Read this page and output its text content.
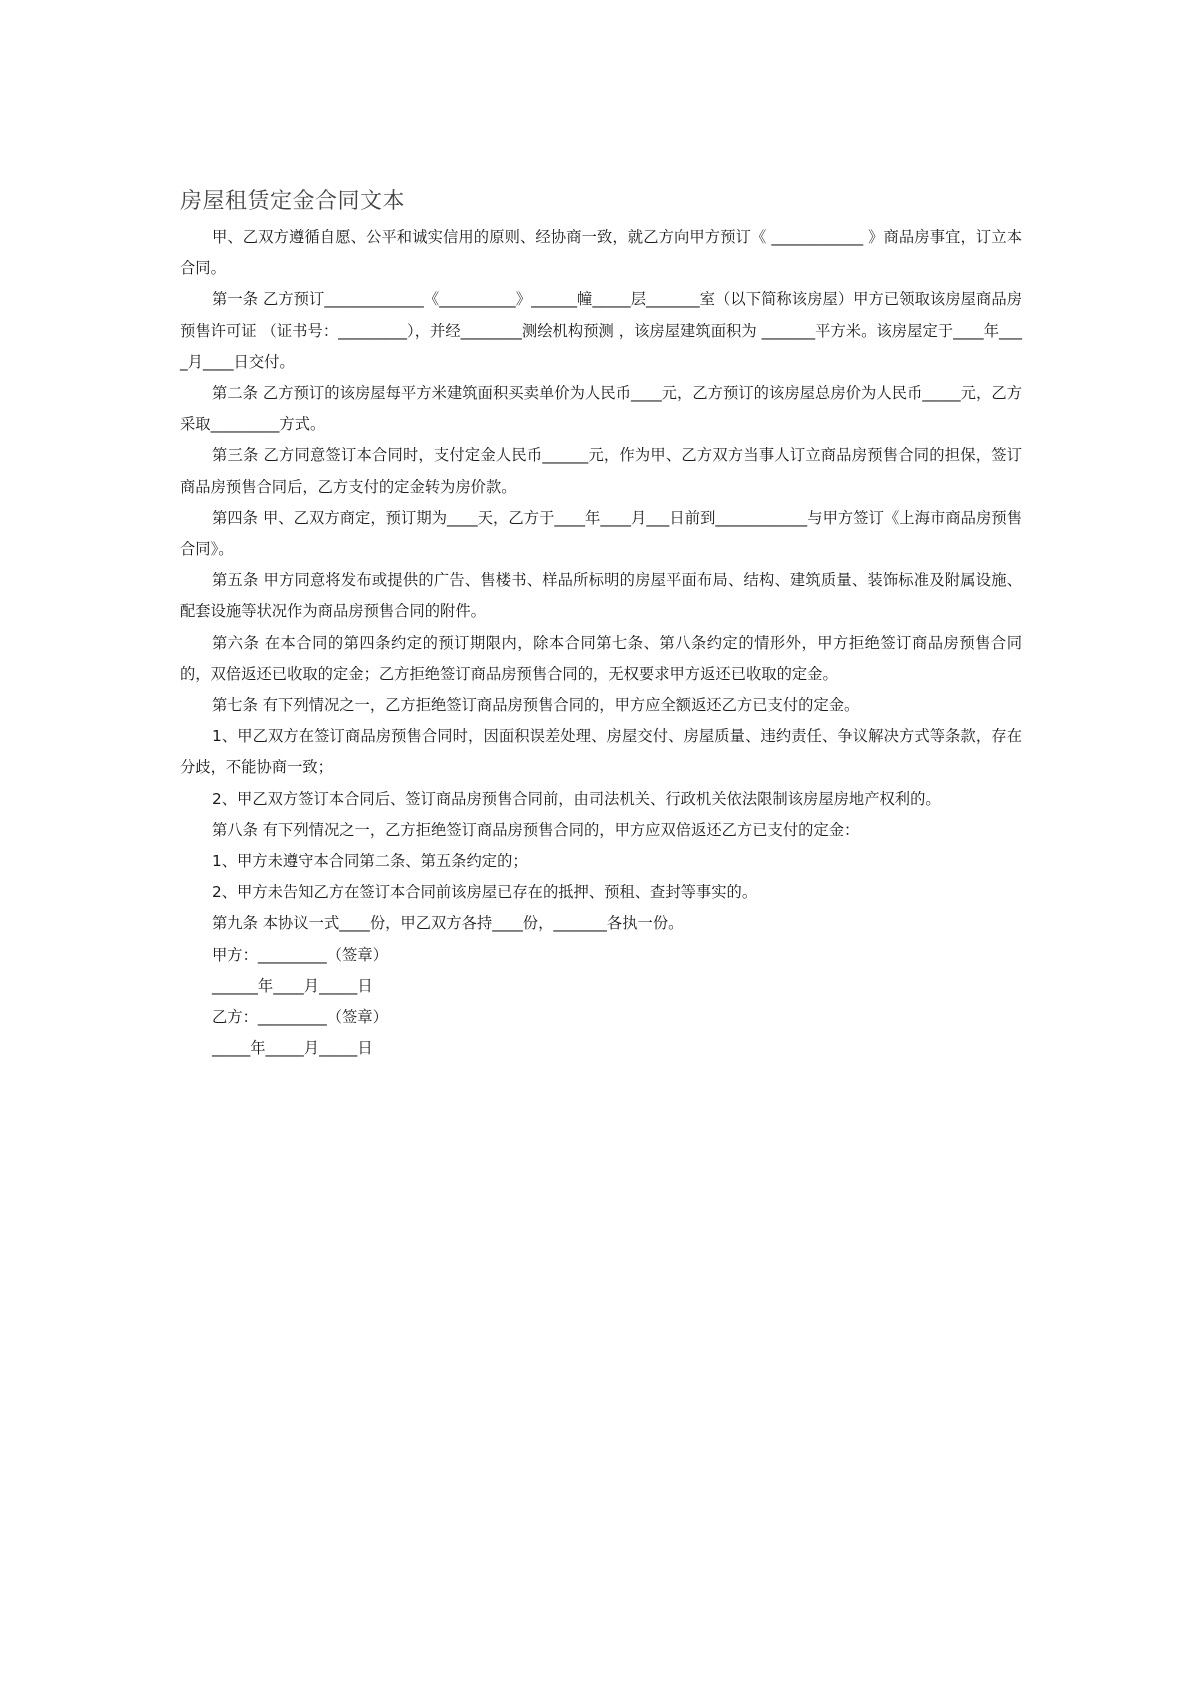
房屋租赁定金合同文本

甲、乙双方遵循自愿、公平和诚实信用的原则、经协商一致，就乙方向甲方预订《 ____________ 》商品房事宜，订立本合同。

第一条 乙方预订_____________《__________》______幢_____层_______室（以下简称该房屋）甲方已领取该房屋商品房预售许可证 （证书号：_________），并经________测绘机构预测 ，该房屋建筑面积为 _______平方米。该房屋定于____年____月____日交付。

第二条 乙方预订的该房屋每平方米建筑面积买卖单价为人民币____元，乙方预订的该房屋总房价为人民币_____元，乙方采取_________方式。

第三条 乙方同意签订本合同时，支付定金人民币______元，作为甲、乙方双方当事人订立商品房预售合同的担保，签订商品房预售合同后，乙方支付的定金转为房价款。

第四条 甲、乙双方商定，预订期为____天，乙方于____年____月___日前到____________与甲方签订《上海市商品房预售合同》。

第五条 甲方同意将发布或提供的广告、售楼书、样品所标明的房屋平面布局、结构、建筑质量、装饰标准及附属设施、配套设施等状况作为商品房预售合同的附件。

第六条 在本合同的第四条约定的预订期限内，除本合同第七条、第八条约定的情形外，甲方拒绝签订商品房预售合同的，双倍返还已收取的定金；乙方拒绝签订商品房预售合同的，无权要求甲方返还已收取的定金。

第七条 有下列情况之一，乙方拒绝签订商品房预售合同的，甲方应全额返还乙方已支付的定金。

1、甲乙双方在签订商品房预售合同时，因面积误差处理、房屋交付、房屋质量、违约责任、争议解决方式等条款，存在分歧，不能协商一致；

2、甲乙双方签订本合同后、签订商品房预售合同前，由司法机关、行政机关依法限制该房屋房地产权利的。

第八条 有下列情况之一，乙方拒绝签订商品房预售合同的，甲方应双倍返还乙方已支付的定金：

1、甲方未遵守本合同第二条、第五条约定的；

2、甲方未告知乙方在签订本合同前该房屋已存在的抵押、预租、查封等事实的。

第九条 本协议一式____份，甲乙双方各持____份，_______各执一份。

甲方：_________（签章）

______年____月_____日

乙方：_________（签章）

_____年_____月_____日
